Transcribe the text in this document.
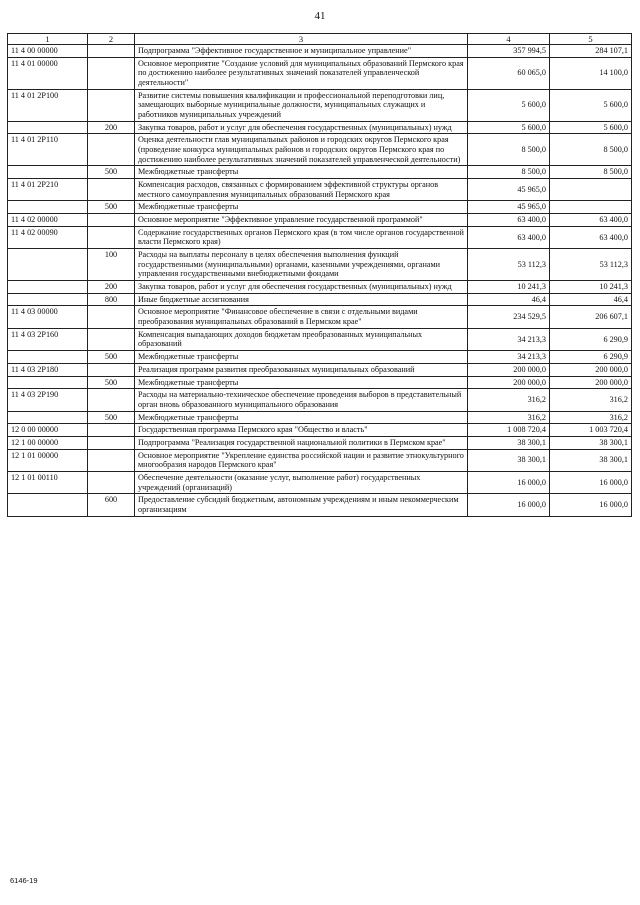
41
1	2	3	4	5
11 4 00 00000		Подпрограмма "Эффективное государственное и муниципальное управление"	357 994,5	284 107,1
11 4 01 00000		Основное мероприятие "Создание условий для муниципальных образований Пермского края по достижению наиболее результативных значений показателей управленческой деятельности"	60 065,0	14 100,0
11 4 01 2Р100		Развитие системы повышения квалификации и профессиональной переподготовки лиц, замещающих выборные муниципальные должности, муниципальных служащих и работников муниципальных учреждений	5 600,0	5 600,0
	200	Закупка товаров, работ и услуг для обеспечения государственных (муниципальных) нужд	5 600,0	5 600,0
11 4 01 2Р110		Оценка деятельности глав муниципальных районов и городских округов Пермского края (проведение конкурса муниципальных районов и городских округов Пермского края по достижению наиболее результативных значений показателей управленческой деятельности)	8 500,0	8 500,0
	500	Межбюджетные трансферты	8 500,0	8 500,0
11 4 01 2Р210		Компенсация расходов, связанных с формированием эффективной структуры органов местного самоуправления муниципальных образований Пермского края	45 965,0	
	500	Межбюджетные трансферты	45 965,0	
11 4 02 00000		Основное мероприятие "Эффективное управление государственной программой"	63 400,0	63 400,0
11 4 02 00090		Содержание государственных органов Пермского края (в том числе органов государственной власти Пермского края)	63 400,0	63 400,0
	100	Расходы на выплаты персоналу в целях обеспечения выполнения функций государственными (муниципальными) органами, казенными учреждениями, органами управления государственными внебюджетными фондами	53 112,3	53 112,3
	200	Закупка товаров, работ и услуг для обеспечения государственных (муниципальных) нужд	10 241,3	10 241,3
	800	Иные бюджетные ассигнования	46,4	46,4
11 4 03 00000		Основное мероприятие "Финансовое обеспечение в связи с отдельными видами преобразования муниципальных образований в Пермском крае"	234 529,5	206 607,1
11 4 03 2Р160		Компенсация выпадающих доходов бюджетам преобразованных муниципальных образований	34 213,3	6 290,9
	500	Межбюджетные трансферты	34 213,3	6 290,9
11 4 03 2Р180		Реализация программ развития преобразованных муниципальных образований	200 000,0	200 000,0
	500	Межбюджетные трансферты	200 000,0	200 000,0
11 4 03 2Р190		Расходы на материально-техническое обеспечение проведения выборов в представительный орган вновь образованного муниципального образования	316,2	316,2
	500	Межбюджетные трансферты	316,2	316,2
12 0 00 00000		Государственная программа Пермского края "Общество и власть"	1 008 720,4	1 003 720,4
12 1 00 00000		Подпрограмма "Реализация государственной национальной политики в Пермском крае"	38 300,1	38 300,1
12 1 01 00000		Основное мероприятие "Укрепление единства российской нации и развитие этнокультурного многообразия народов Пермского края"	38 300,1	38 300,1
12 1 01 00110		Обеспечение деятельности (оказание услуг, выполнение работ) государственных учреждений (организаций)	16 000,0	16 000,0
	600	Предоставление субсидий бюджетным, автономным учреждениям и иным некоммерческим организациям	16 000,0	16 000,0
6146-19
